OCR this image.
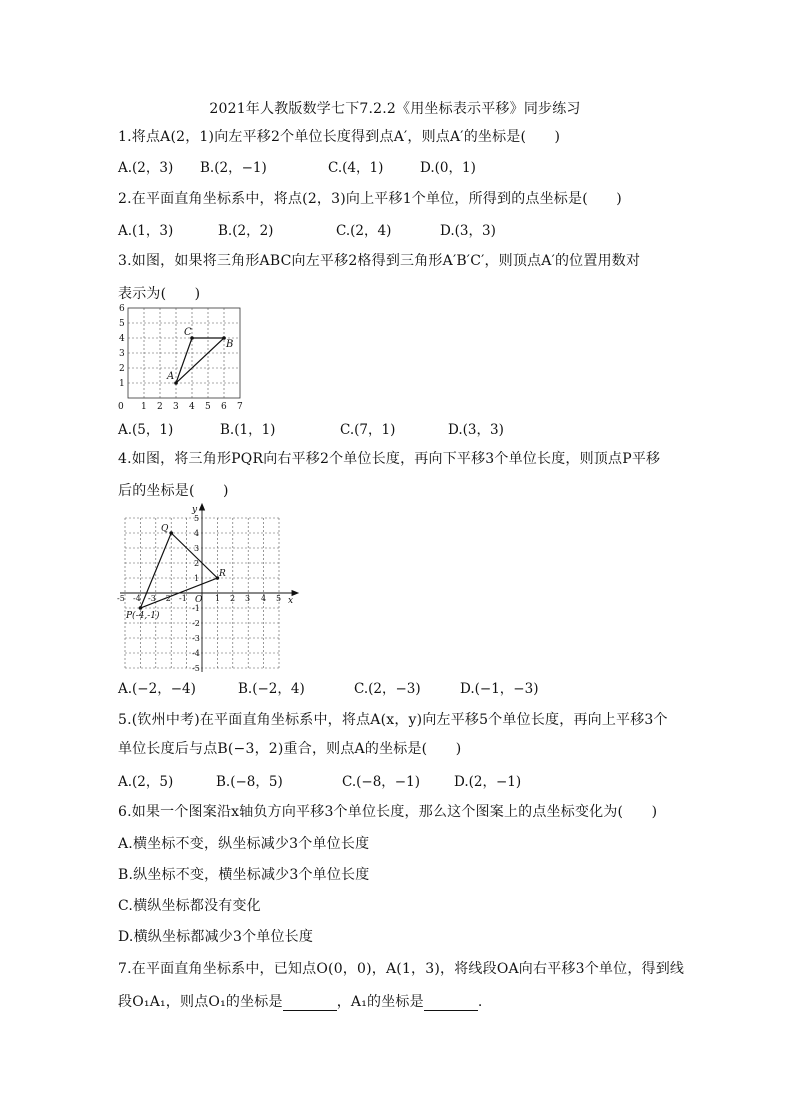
2021年人教版数学七下7.2.2《用坐标表示平移》同步练习
1.将点A(2，1)向左平移2个单位长度得到点A′，则点A′的坐标是(　　)
A.(2，3) B.(2，−1)	C.(4，1)	D.(0，1)
2.在平面直角坐标系中，将点(2，3)向上平移1个单位，所得到的点坐标是(　　)
A.(1，3)	B.(2，2)	C.(2，4)	D.(3，3)
3.如图，如果将三角形ABC向左平移2格得到三角形A′B′C′，则顶点A′的位置用数对
表示为(　　)
0 1 2 3 4 5 6 7
1
2
3
4
5
6
A
B
C
A.(5，1)	B.(1，1)	C.(7，1)	D.(3，3)
4.如图，将三角形PQR向右平移2个单位长度，再向下平移3个单位长度，则顶点P平移
后的坐标是(　　)
-5 -4 -3 -2 -1	1 2 3 4 5
5
4
3
2
1
-1
-2
-3
-4
-5
x
y
O
P(-4,-1)
Q
R
A.(−2，−4)	B.(−2，4)	C.(2，−3)	D.(−1，−3)
5.(钦州中考)在平面直角坐标系中，将点A(x，y)向左平移5个单位长度，再向上平移3个
单位长度后与点B(−3，2)重合，则点A的坐标是(　　)
A.(2，5)	B.(−8，5)	C.(−8，−1)	D.(2，−1)
6.如果一个图案沿x轴负方向平移3个单位长度，那么这个图案上的点坐标变化为(　　)
A.横坐标不变，纵坐标减少3个单位长度
B.纵坐标不变，横坐标减少3个单位长度
C.横纵坐标都没有变化
D.横纵坐标都减少3个单位长度
7.在平面直角坐标系中，已知点O(0，0)，A(1，3)，将线段OA向右平移3个单位，得到线
段O₁A₁，则点O₁的坐标是	，A₁的坐标是	.
